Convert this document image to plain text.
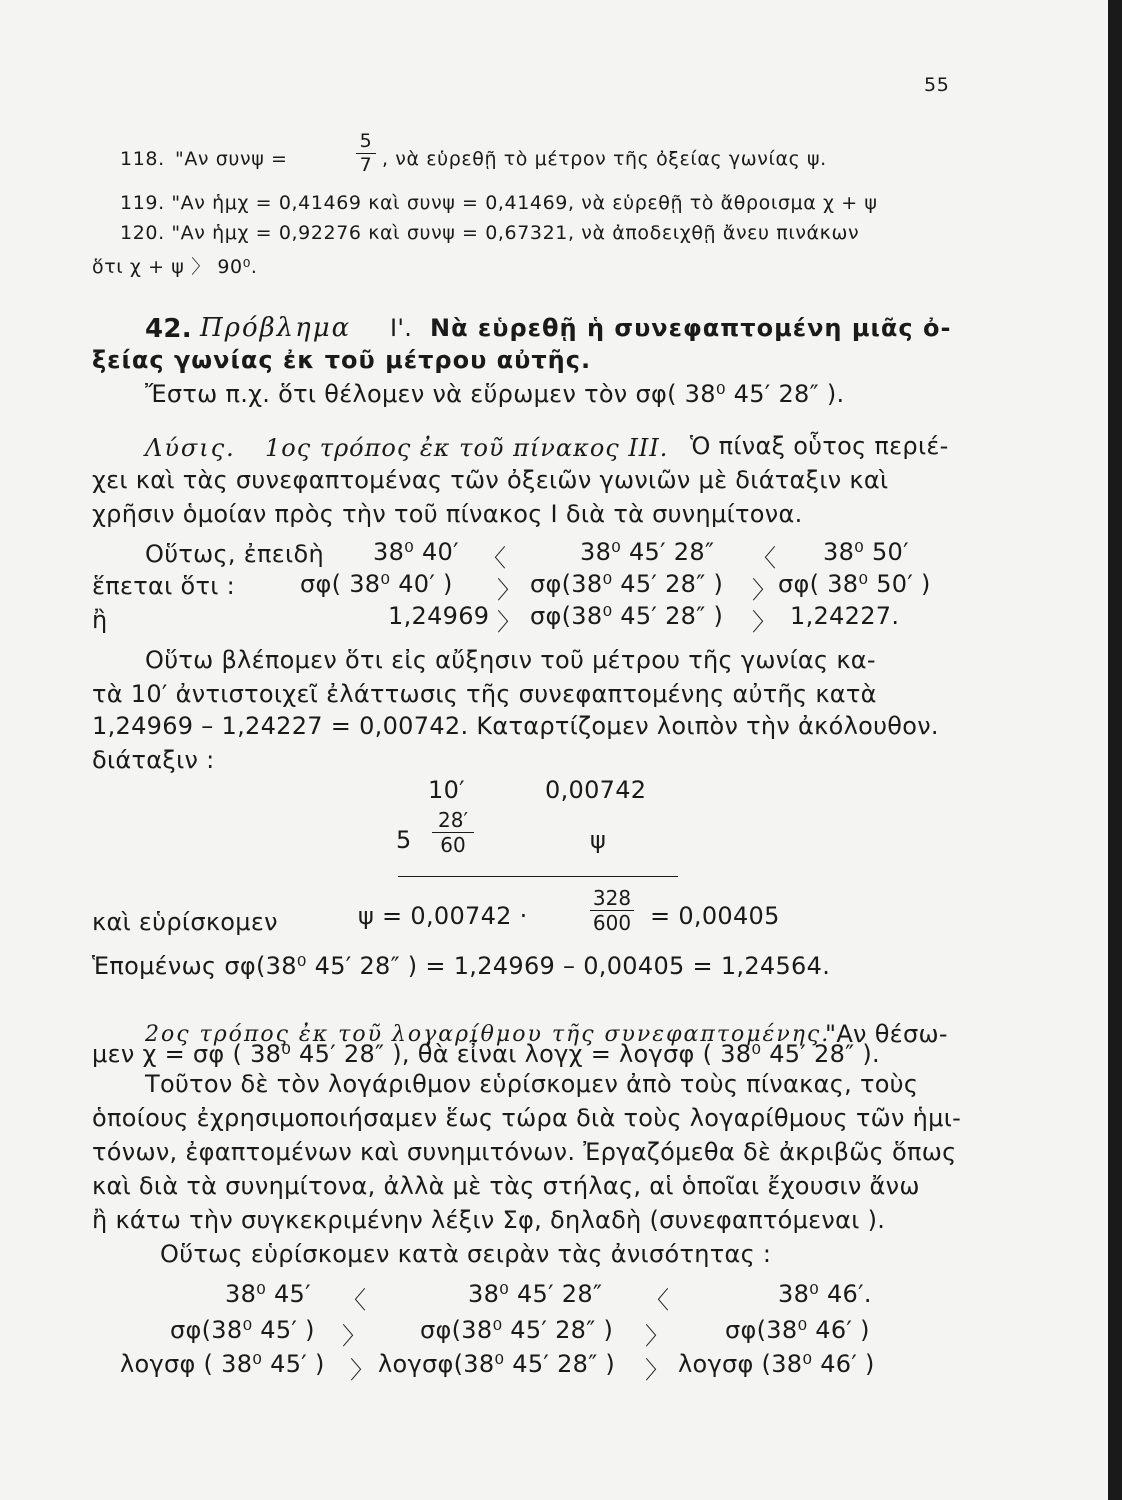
55
118. "Αν συνψ =
5
7 , νὰ εὑρεθῇ τὸ μέτρον τῆς ὀξείας γωνίας ψ.
119. "Αν ἡμχ = 0,41469 καὶ συνψ = 0,41469, νὰ εὑρεθῇ τὸ ἄθροισμα χ + ψ
120. "Αν ἡμχ = 0,92276 καὶ συνψ = 0,67321, νὰ ἀποδειχθῇ ἄνευ πινάκων
ὅτι χ + ψ 〉 90⁰.
42. Πρόβλημα Ι'. Νὰ εὑρεθῇ ἡ συνεφαπτομένη μιᾶς ὀ-
ξείας γωνίας ἐκ τοῦ μέτρου αὐτῆς.
Ἔστω π.χ. ὅτι θέλομεν νὰ εὕρωμεν τὸν σφ( 38⁰ 45′ 28″ ).
Λύσις. 1ος τρόπος ἐκ τοῦ πίνακος ΙΙΙ. Ὁ πίναξ οὗτος περιέ-
χει καὶ τὰς συνεφαπτομένας τῶν ὀξειῶν γωνιῶν μὲ διάταξιν καὶ
χρῆσιν ὁμοίαν πρὸς τὴν τοῦ πίνακος Ι διὰ τὰ συνημίτονα.
Οὕτως, ἐπειδὴ 38⁰ 40′ 〈	38⁰ 45′ 28″ 〈 38⁰ 50′
ἕπεται ὅτι :	σφ( 38⁰ 40′ ) 〉 σφ(38⁰ 45′ 28″ ) 〉 σφ( 38⁰ 50′ )
ἢ	1,24969 〉 σφ(38⁰ 45′ 28″ ) 〉 1,24227.
Οὕτω βλέπομεν ὅτι εἰς αὔξησιν τοῦ μέτρου τῆς γωνίας κα-
τὰ 10′ ἀντιστοιχεῖ ἐλάττωσις τῆς συνεφαπτομένης αὐτῆς κατὰ
1,24969 – 1,24227 = 0,00742. Καταρτίζομεν λοιπὸν τὴν ἀκόλουθον.
διάταξιν :
10′	0,00742
5
28′
60	ψ
καὶ εὑρίσκομεν	ψ = 0,00742 ·
328
600 = 0,00405
Ἑπομένως σφ(38⁰ 45′ 28″ ) = 1,24969 – 0,00405 = 1,24564.
2ος τρόπος ἐκ τοῦ λογαρίθμου τῆς συνεφαπτομένης.
"Αν θέσω-
μεν χ = σφ ( 38⁰ 45′ 28″ ), θὰ εἶναι λογχ = λογσφ ( 38⁰ 45′ 28″ ).
Τοῦτον δὲ τὸν λογάριθμον εὑρίσκομεν ἀπὸ τοὺς πίνακας, τοὺς
ὁποίους ἐχρησιμοποιήσαμεν ἕως τώρα διὰ τοὺς λογαρίθμους τῶν ἡμι-
τόνων, ἐφαπτομένων καὶ συνημιτόνων. Ἐργαζόμεθα δὲ ἀκριβῶς ὅπως
καὶ διὰ τὰ συνημίτονα, ἀλλὰ μὲ τὰς στήλας, αἱ ὁποῖαι ἔχουσιν ἄνω
ἢ κάτω τὴν συγκεκριμένην λέξιν Σφ, δηλαδὴ (συνεφαπτόμεναι ).
Οὕτως εὑρίσκομεν κατὰ σειρὰν τὰς ἀνισότητας :
38⁰ 45′ 〈	38⁰ 45′ 28″ 〈	38⁰ 46′.
σφ(38⁰ 45′ ) 〉 σφ(38⁰ 45′ 28″ ) 〉 σφ(38⁰ 46′ )
λογσφ ( 38⁰ 45′ ) 〉 λογσφ(38⁰ 45′ 28″ ) 〉 λογσφ (38⁰ 46′ )
